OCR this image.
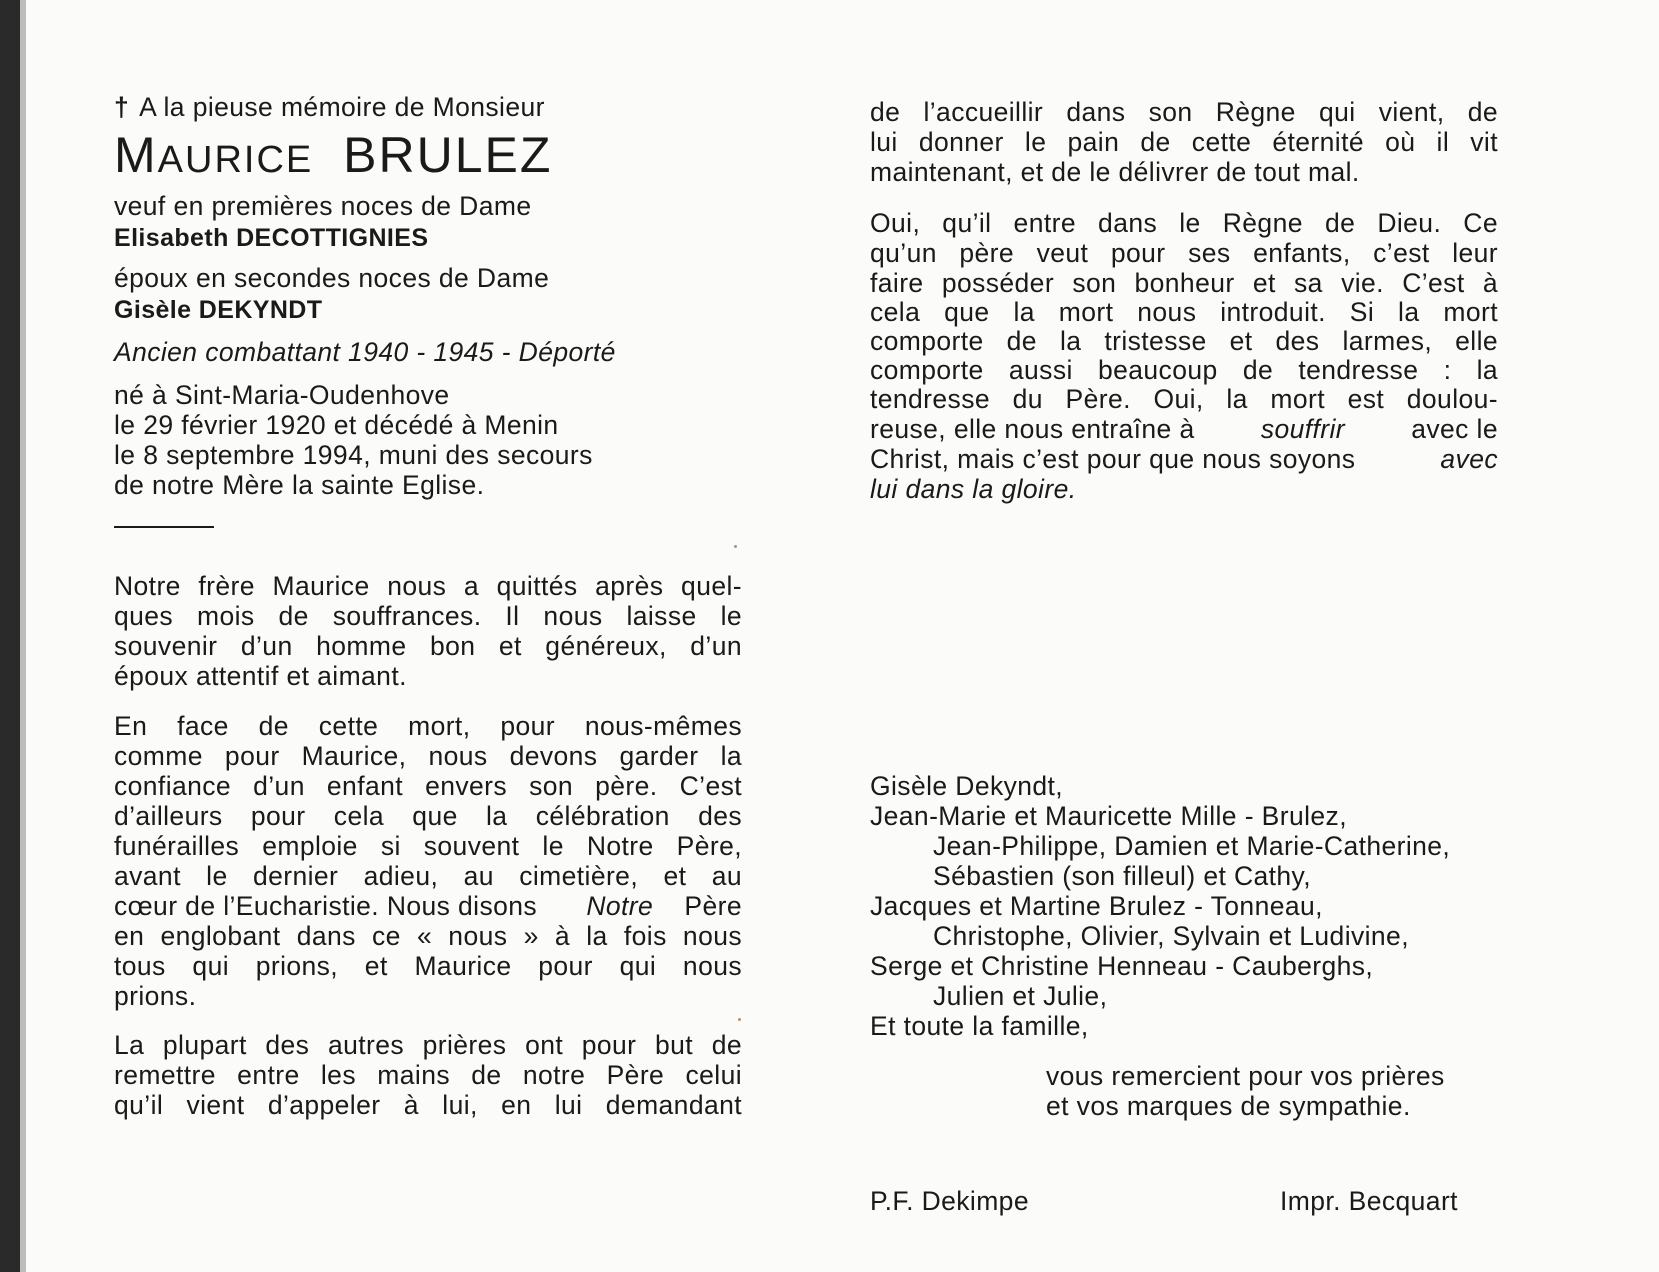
† A la pieuse mémoire de Monsieur
MAURICE BRULEZ
veuf en premières noces de Dame
Elisabeth DECOTTIGNIES
époux en secondes noces de Dame
Gisèle DEKYNDT
Ancien combattant 1940 - 1945 - Déporté
né à Sint-Maria-Oudenhove
le 29 février 1920 et décédé à Menin
le 8 septembre 1994, muni des secours
de notre Mère la sainte Eglise.
Notre frère Maurice nous a quittés après quel-
ques mois de souffrances. Il nous laisse le
souvenir d’un homme bon et généreux, d’un
époux attentif et aimant.
En face de cette mort, pour nous-mêmes
comme pour Maurice, nous devons garder la
confiance d’un enfant envers son père. C’est
d’ailleurs pour cela que la célébration des
funérailles emploie si souvent le Notre Père,
avant le dernier adieu, au cimetière, et au
cœur de l’Eucharistie. Nous disons Notre Père
en englobant dans ce « nous » à la fois nous
tous qui prions, et Maurice pour qui nous
prions.
La plupart des autres prières ont pour but de
remettre entre les mains de notre Père celui
qu’il vient d’appeler à lui, en lui demandant
de l’accueillir dans son Règne qui vient, de
lui donner le pain de cette éternité où il vit
maintenant, et de le délivrer de tout mal.
Oui, qu’il entre dans le Règne de Dieu. Ce
qu’un père veut pour ses enfants, c’est leur
faire posséder son bonheur et sa vie. C’est à
cela que la mort nous introduit. Si la mort
comporte de la tristesse et des larmes, elle
comporte aussi beaucoup de tendresse : la
tendresse du Père. Oui, la mort est doulou-
reuse, elle nous entraîne à souffrir avec le
Christ, mais c’est pour que nous soyons	avec
lui dans la gloire.
Gisèle Dekyndt,
Jean-Marie et Mauricette Mille - Brulez,
Jean-Philippe, Damien et Marie-Catherine,
Sébastien (son filleul) et Cathy,
Jacques et Martine Brulez - Tonneau,
Christophe, Olivier, Sylvain et Ludivine,
Serge et Christine Henneau - Cauberghs,
Julien et Julie,
Et toute la famille,
vous remercient pour vos prières
et vos marques de sympathie.
P.F. Dekimpe	Impr. Becquart
